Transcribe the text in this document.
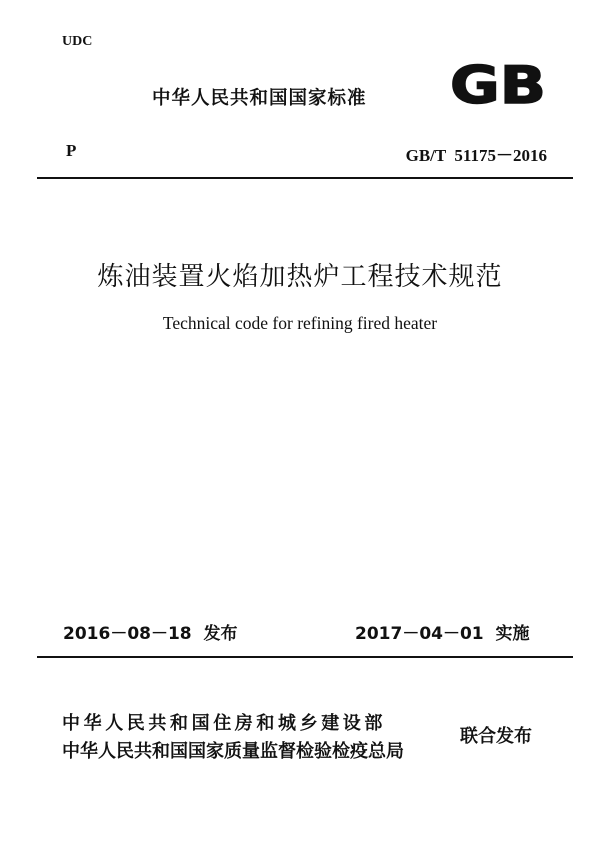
UDC
中华人民共和国国家标准 GB
P	GB/T  51175－2016
炼油装置火焰加热炉工程技术规范
Technical code for refining fired heater
2016－08－18  发布	2017－04－01  实施
中华人民共和国住房和城乡建设部
中华人民共和国国家质量监督检验检疫总局
联合发布
